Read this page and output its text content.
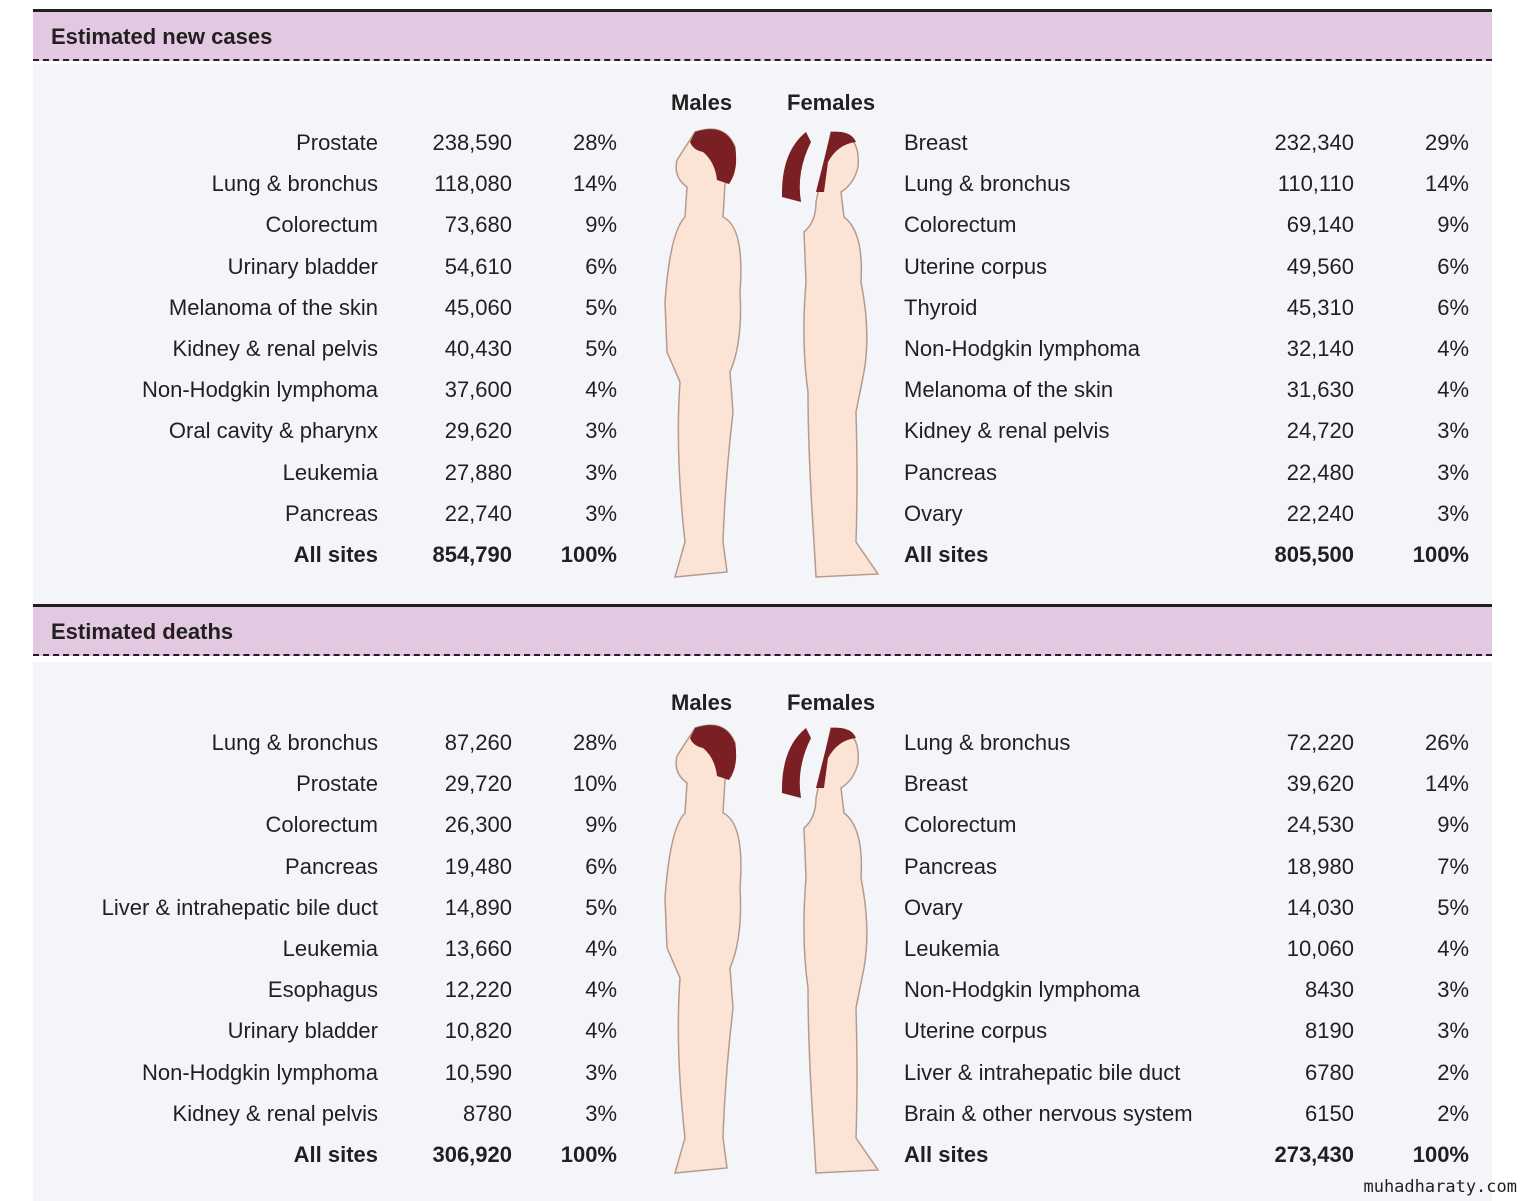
Estimated new cases
Males Females
Prostate 238,590	28%
Lung & bronchus	118,080	14%
Colorectum	73,680	9%
Urinary bladder	54,610	6%
Melanoma of the skin	45,060	5%
Kidney & renal pelvis	40,430	5%
Non-Hodgkin lymphoma	37,600	4%
Oral cavity & pharynx	29,620	3%
Leukemia	27,880	3%
Pancreas	22,740	3%
All sites 854,790 100%
Breast	232,340	29%
Lung & bronchus	110,110	14%
Colorectum	69,140	9%
Uterine corpus	49,560	6%
Thyroid	45,310	6%
Non-Hodgkin lymphoma	32,140	4%
Melanoma of the skin	31,630	4%
Kidney & renal pelvis	24,720	3%
Pancreas	22,480	3%
Ovary	22,240	3%
All sites	805,500	100%
Estimated deaths
Males Females
Lung & bronchus	87,260	28%
Prostate	29,720	10%
Colorectum	26,300	9%
Pancreas	19,480	6%
Liver & intrahepatic bile duct	14,890	5%
Leukemia	13,660	4%
Esophagus	12,220	4%
Urinary bladder	10,820	4%
Non-Hodgkin lymphoma	10,590	3%
Kidney & renal pelvis	8780	3%
All sites 306,920 100%
Lung & bronchus	72,220	26%
Breast	39,620	14%
Colorectum	24,530	9%
Pancreas	18,980	7%
Ovary	14,030	5%
Leukemia	10,060	4%
Non-Hodgkin lymphoma	8430	3%
Uterine corpus	8190	3%
Liver & intrahepatic bile duct	6780	2%
Brain & other nervous system	6150	2%
All sites	273,430	100%
muhadharaty.com
